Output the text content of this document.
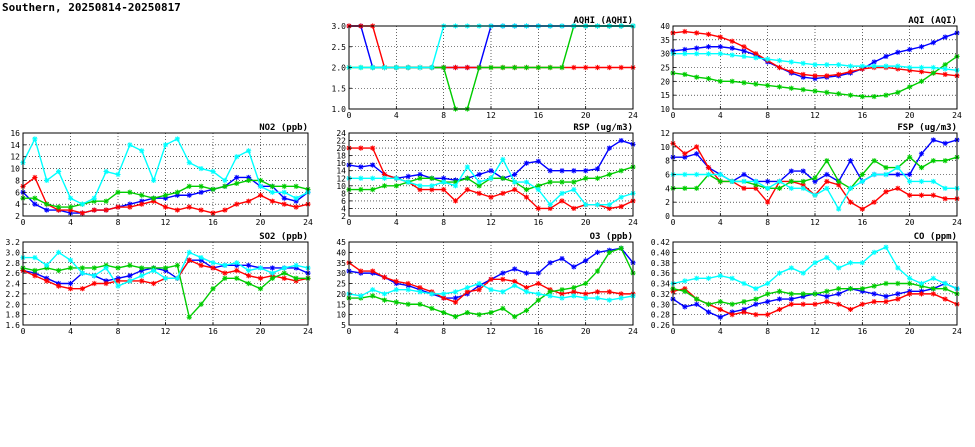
Southern, 20250814-20250817
0	4	8	12	16	20	24
1.0
1.5
2.0
2.5
3.0
AQHI (AQHI)
0	4	8	12	16	20	24
10
15
20
25
30
35
40
AQI (AQI)
0	4	8	12	16	20	24
2
4
6
8
10
12
14
16
NO2 (ppb)
0	4	8	12	16	20	24
2
4
6
8
10
12
14
16
18
20
22
24
RSP (ug/m3)
0	4	8	12	16	20	24
0
2
4
6
8
10
12
FSP (ug/m3)
0	4	8	12	16	20	24
1.6
1.8
2.0
2.2
2.4
2.6
2.8
3.0
3.2
SO2 (ppb)
0	4	8	12	16	20	24
5
10
15
20
25
30
35
40
45
O3 (ppb)
0	4	8	12	16	20	24
0.26
0.28
0.30
0.32
0.34
0.36
0.38
0.40
0.42
CO (ppm)
